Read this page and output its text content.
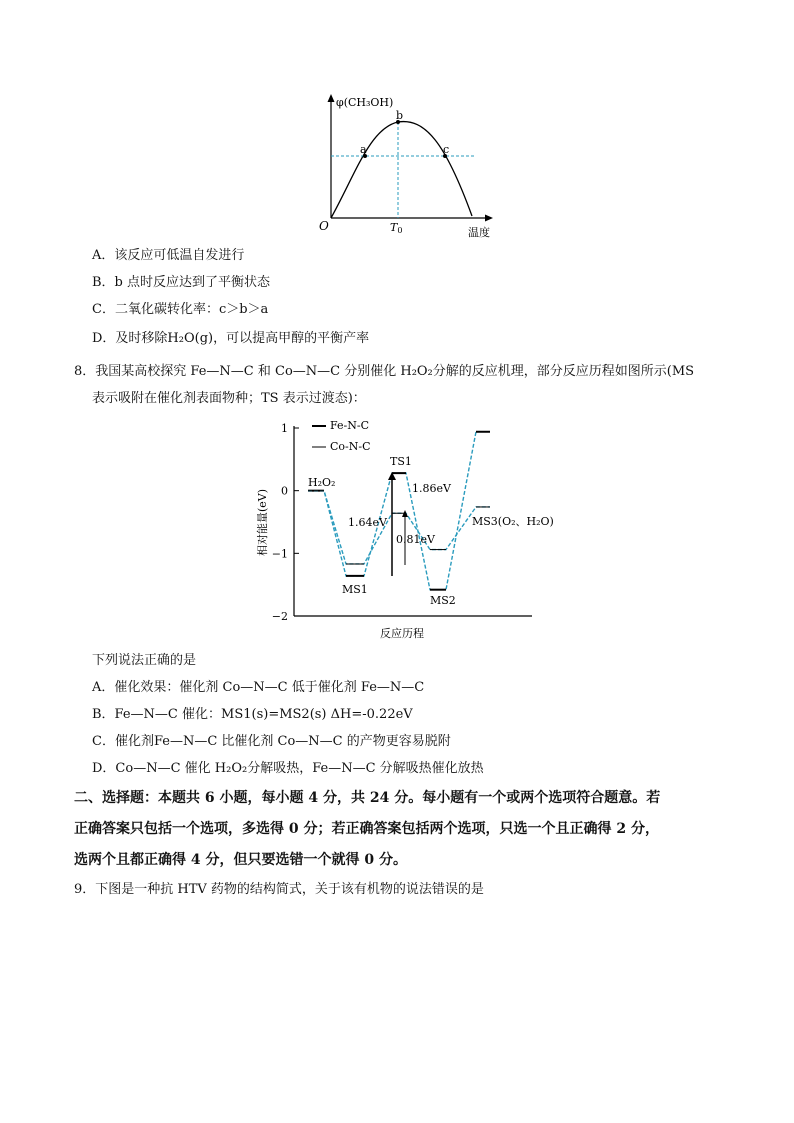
a
b
c
φ(CH₃OH)
O	T0	温度
A．该反应可低温自发进行
B．b 点时反应达到了平衡状态
C．二氧化碳转化率：c＞b＞a
D．及时移除H₂O(g)，可以提高甲醇的平衡产率
8．我国某高校探究 Fe—N—C 和 Co—N—C 分别催化 H₂O₂分解的反应机理，部分反应历程如图所示(MS
表示吸附在催化剂表面物种；TS 表示过渡态)：
1
0
−1
−2
Fe-N-C
Co-N-C
H₂O₂
TS1
MS1
MS2
MS3(O₂、H₂O)
1.64eV
1.86eV
0.81eV
相对能量(eV)
反应历程
下列说法正确的是
A．催化效果：催化剂 Co—N—C 低于催化剂 Fe—N—C
B．Fe—N—C 催化：MS1(s)=MS2(s) ΔH=-0.22eV
C．催化剂Fe—N—C 比催化剂 Co—N—C 的产物更容易脱附
D．Co—N—C 催化 H₂O₂分解吸热，Fe—N—C 分解吸热催化放热
二、选择题：本题共 6 小题，每小题 4 分，共 24 分。每小题有一个或两个选项符合题意。若
正确答案只包括一个选项，多选得 0 分；若正确答案包括两个选项，只选一个且正确得 2 分，
选两个且都正确得 4 分，但只要选错一个就得 0 分。
9．下图是一种抗 HTV 药物的结构简式，关于该有机物的说法错误的是
